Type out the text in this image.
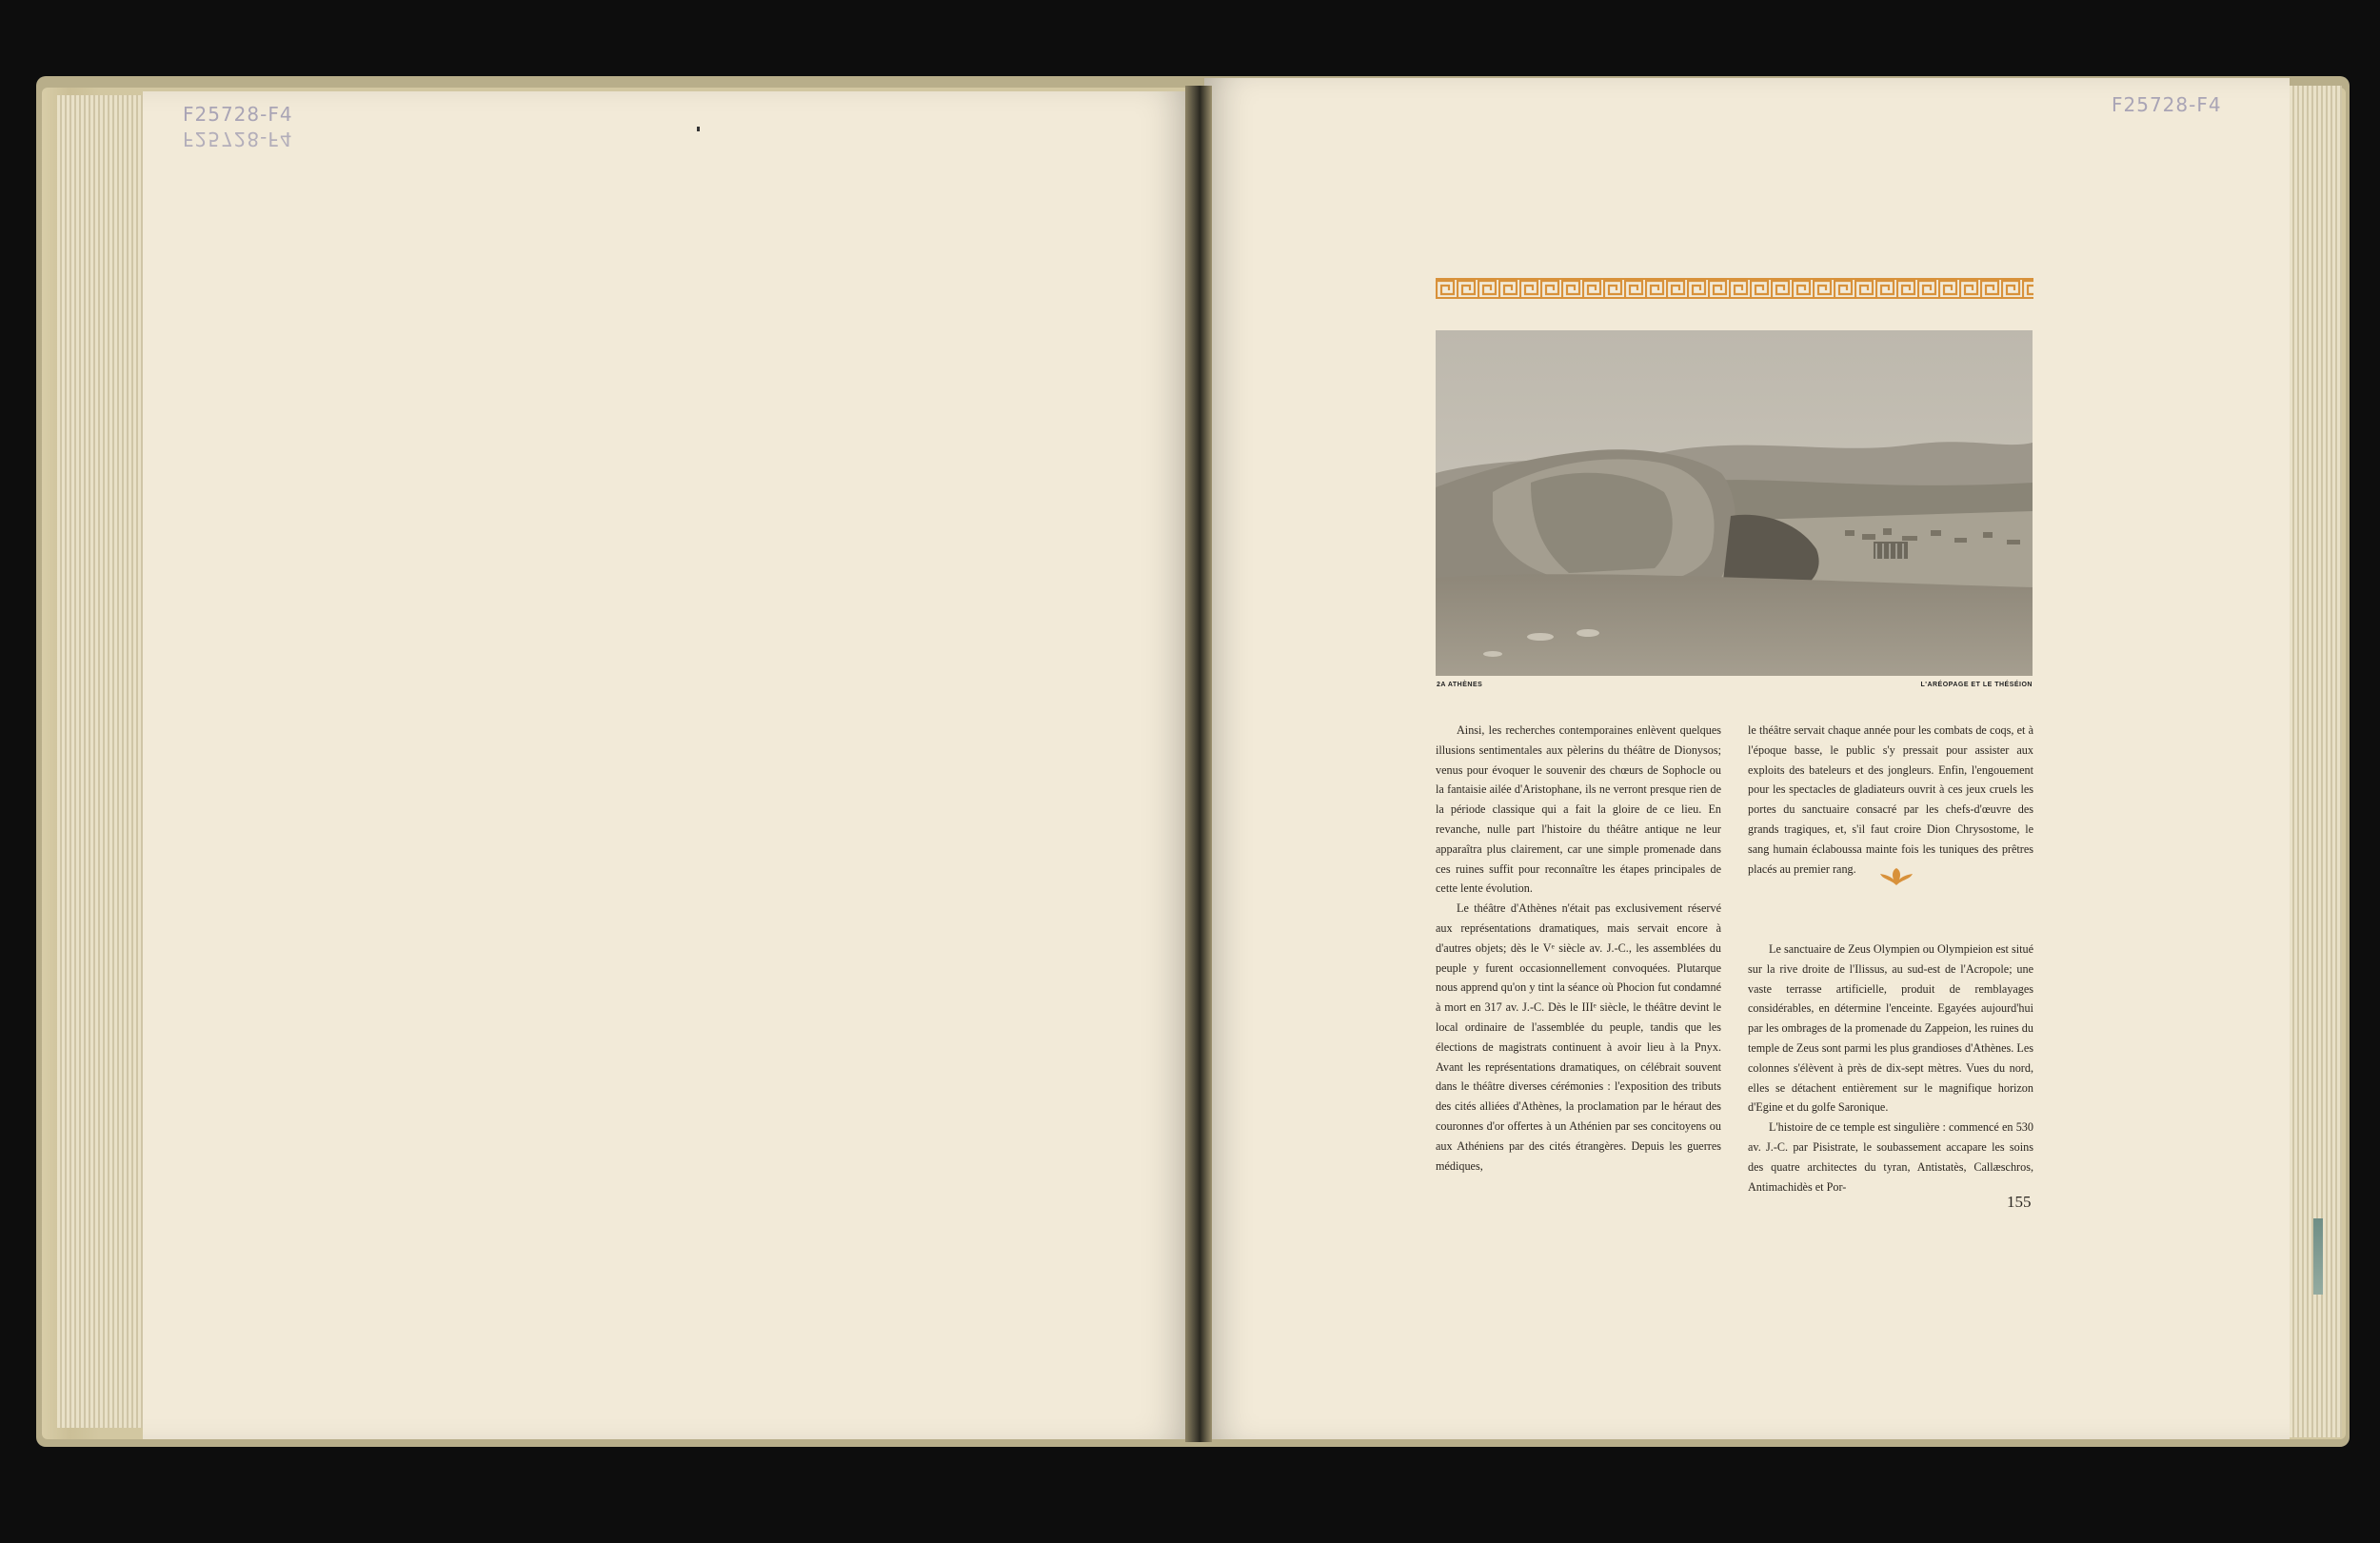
F25728-F4
F25728-F4
F25728-F4
2A ATHÈNES	L'ARÉOPAGE ET LE THÉSÉION

Ainsi, les recherches contemporaines enlèvent quelques illusions sentimentales aux pèlerins du théâtre de Dionysos; venus pour évoquer le souvenir des chœurs de Sophocle ou la fantaisie ailée d'Aristophane, ils ne verront presque rien de la période classique qui a fait la gloire de ce lieu. En revanche, nulle part l'histoire du théâtre antique ne leur apparaîtra plus clairement, car une simple promenade dans ces ruines suffit pour reconnaître les étapes principales de cette lente évolution.

Le théâtre d'Athènes n'était pas exclusivement réservé aux représentations dramatiques, mais servait encore à d'autres objets; dès le Vᵉ siècle av. J.-C., les assemblées du peuple y furent occasionnellement convoquées. Plutarque nous apprend qu'on y tint la séance où Phocion fut condamné à mort en 317 av. J.-C. Dès le IIIᵉ siècle, le théâtre devint le local ordinaire de l'assemblée du peuple, tandis que les élections de magistrats continuent à avoir lieu à la Pnyx. Avant les représentations dramatiques, on célébrait souvent dans le théâtre diverses cérémonies : l'exposition des tributs des cités alliées d'Athènes, la proclamation par le héraut des couronnes d'or offertes à un Athénien par ses concitoyens ou aux Athéniens par des cités étrangères. Depuis les guerres médiques,

le théâtre servait chaque année pour les combats de coqs, et à l'époque basse, le public s'y pressait pour assister aux exploits des bateleurs et des jongleurs. Enfin, l'engouement pour les spectacles de gladiateurs ouvrit à ces jeux cruels les portes du sanctuaire consacré par les chefs-d'œuvre des grands tragiques, et, s'il faut croire Dion Chrysostome, le sang humain éclaboussa mainte fois les tuniques des prêtres placés au premier rang.

Le sanctuaire de Zeus Olympien ou Olympieion est situé sur la rive droite de l'Ilissus, au sud-est de l'Acropole; une vaste terrasse artificielle, produit de remblayages considérables, en détermine l'enceinte. Egayées aujourd'hui par les ombrages de la promenade du Zappeion, les ruines du temple de Zeus sont parmi les plus grandioses d'Athènes. Les colonnes s'élèvent à près de dix-sept mètres. Vues du nord, elles se détachent entièrement sur le magnifique horizon d'Egine et du golfe Saronique.

L'histoire de ce temple est singulière : commencé en 530 av. J.-C. par Pisistrate, le soubassement accapare les soins des quatre architectes du tyran, Antistatès, Callæschros, Antimachidès et Por-

155
